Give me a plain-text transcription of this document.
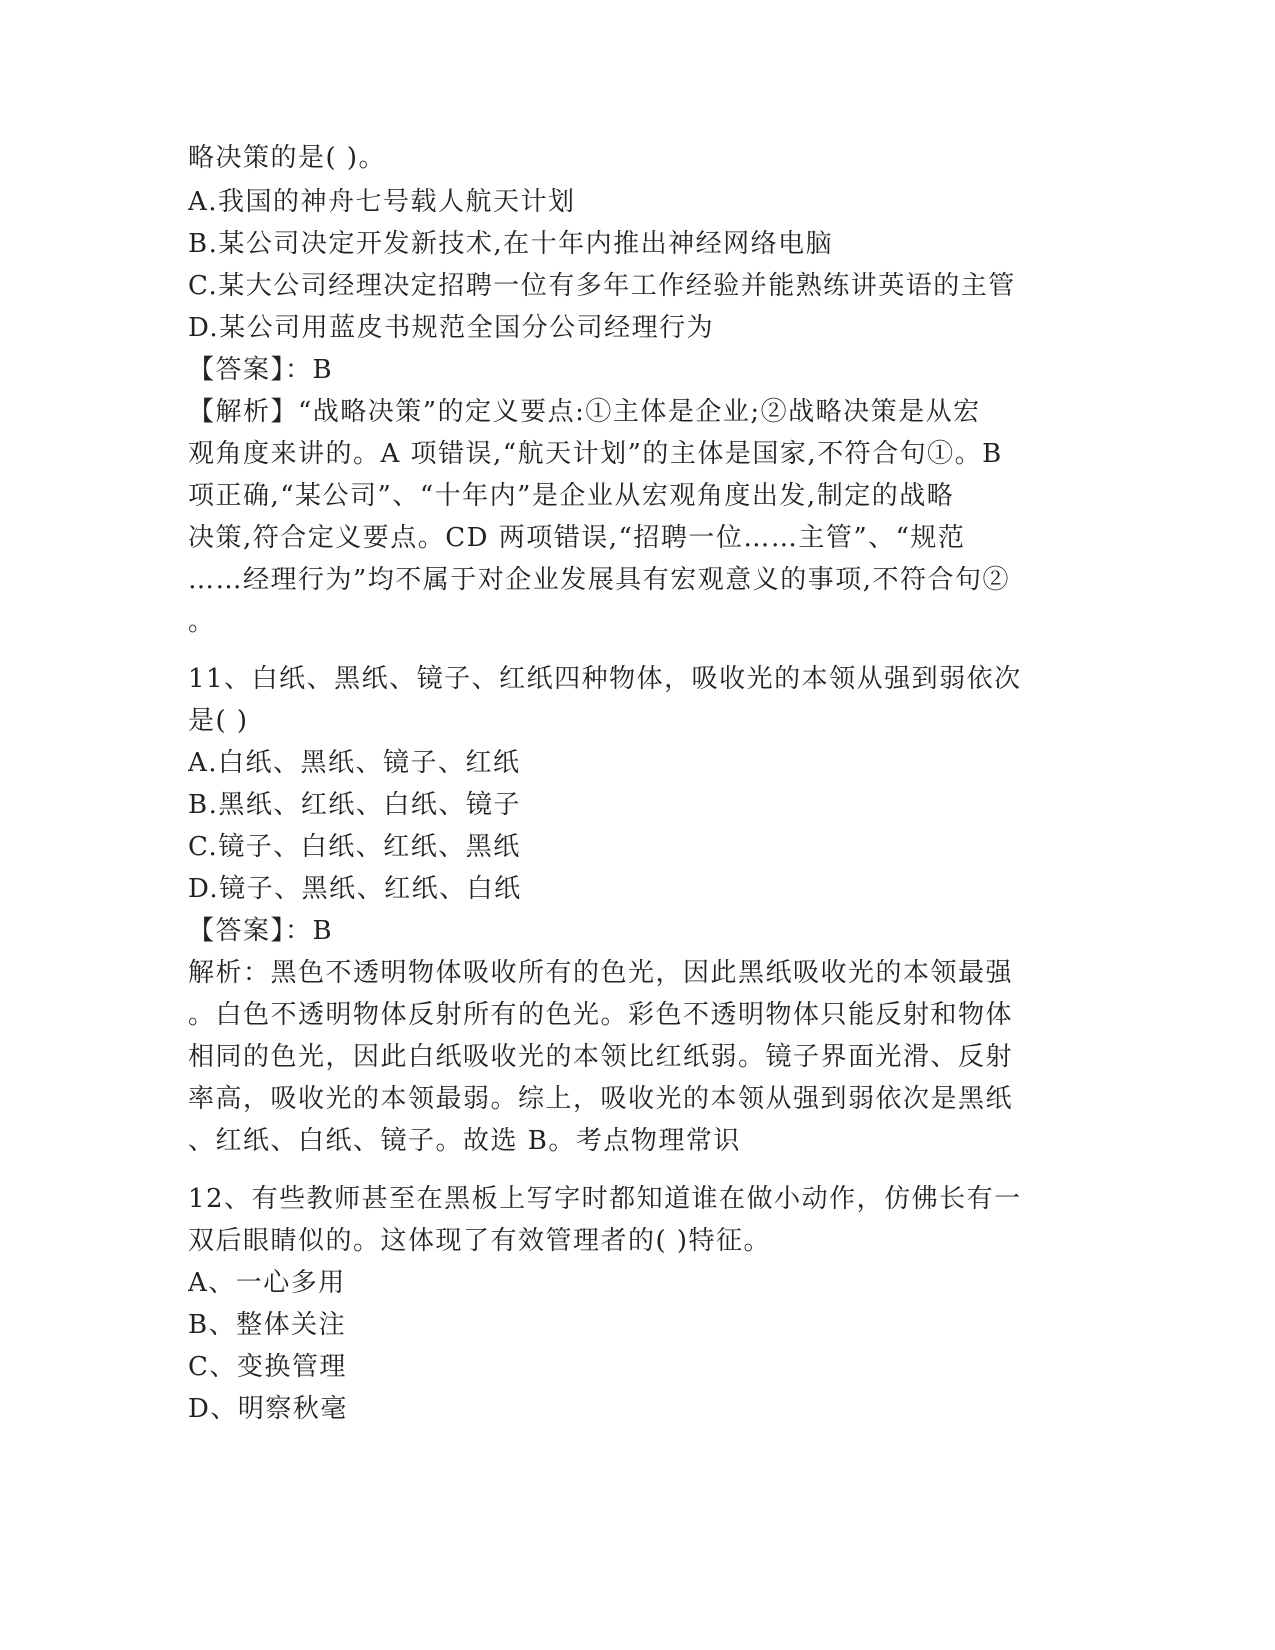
略决策的是( )。
A.我国的神舟七号载人航天计划
B.某公司决定开发新技术,在十年内推出神经网络电脑
C.某大公司经理决定招聘一位有多年工作经验并能熟练讲英语的主管
D.某公司用蓝皮书规范全国分公司经理行为
【答案】：B
【解析】“战略决策”的定义要点:①主体是企业;②战略决策是从宏
观角度来讲的。A 项错误,“航天计划”的主体是国家,不符合句①。B
项正确,“某公司”、“十年内”是企业从宏观角度出发,制定的战略
决策,符合定义要点。CD 两项错误,“招聘一位……主管”、“规范
……经理行为”均不属于对企业发展具有宏观意义的事项,不符合句②
。
11、白纸、黑纸、镜子、红纸四种物体，吸收光的本领从强到弱依次
是( )
A.白纸、黑纸、镜子、红纸
B.黑纸、红纸、白纸、镜子
C.镜子、白纸、红纸、黑纸
D.镜子、黑纸、红纸、白纸
【答案】：B
解析：黑色不透明物体吸收所有的色光，因此黑纸吸收光的本领最强
。白色不透明物体反射所有的色光。彩色不透明物体只能反射和物体
相同的色光，因此白纸吸收光的本领比红纸弱。镜子界面光滑、反射
率高，吸收光的本领最弱。综上，吸收光的本领从强到弱依次是黑纸
、红纸、白纸、镜子。故选 B。考点物理常识
12、有些教师甚至在黑板上写字时都知道谁在做小动作，仿佛长有一
双后眼睛似的。这体现了有效管理者的( )特征。
A、一心多用
B、整体关注
C、变换管理
D、明察秋毫
